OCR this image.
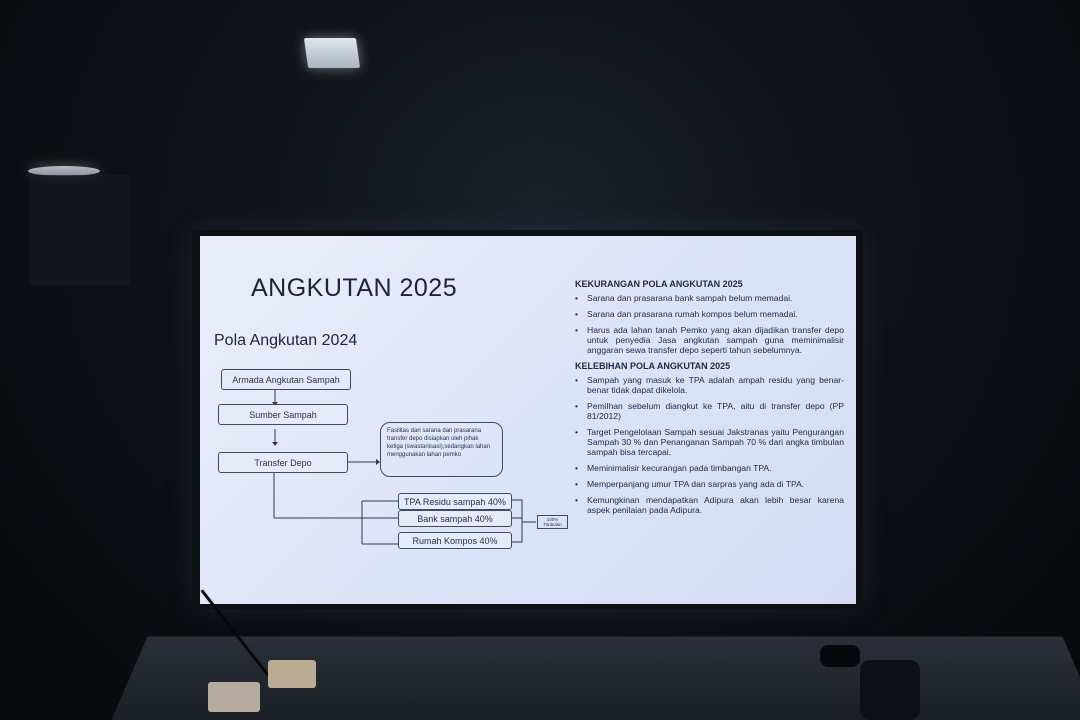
ANGKUTAN 2025
Pola Angkutan 2024
Armada Angkutan Sampah
Sumber Sampah
Transfer Depo
Fasilitas dan sarana dan prasarana transfer depo disiapkan oleh pihak ketiga (swastanisasi),sedangkan lahan menggunakan lahan pemko
TPA Residu sampah 40%
Bank sampah 40%
Rumah Kompos 40%
100% Timbulan
KEKURANGAN POLA ANGKUTAN 2025
• Sarana dan prasarana bank sampah belum memadai.
• Sarana dan prasarana rumah kompos belum memadai.
• Harus ada lahan tanah Pemko yang akan dijadikan transfer depo untuk penyedia Jasa angkutan sampah guna meminimalisir anggaran sewa transfer depo seperti tahun sebelumnya.
KELEBIHAN POLA ANGKUTAN 2025
• Sampah yang masuk ke TPA adalah ampah residu yang benar-benar tidak dapat dikelola.
• Pemilhan sebelum diangkut ke TPA, aitu di transfer depo (PP 81/2012)
• Target Pengelolaan Sampah sesuai Jakstranas yaitu Pengurangan Sampah 30 % dan Penanganan Sampah 70 % dari angka timbulan sampah bisa tercapai.
• Meminimalisir kecurangan pada timbangan TPA.
• Memperpanjang umur TPA dan sarpras yang ada di TPA.
• Kemungkinan mendapatkan Adipura akan lebih besar karena aspek penilaian pada Adipura.
